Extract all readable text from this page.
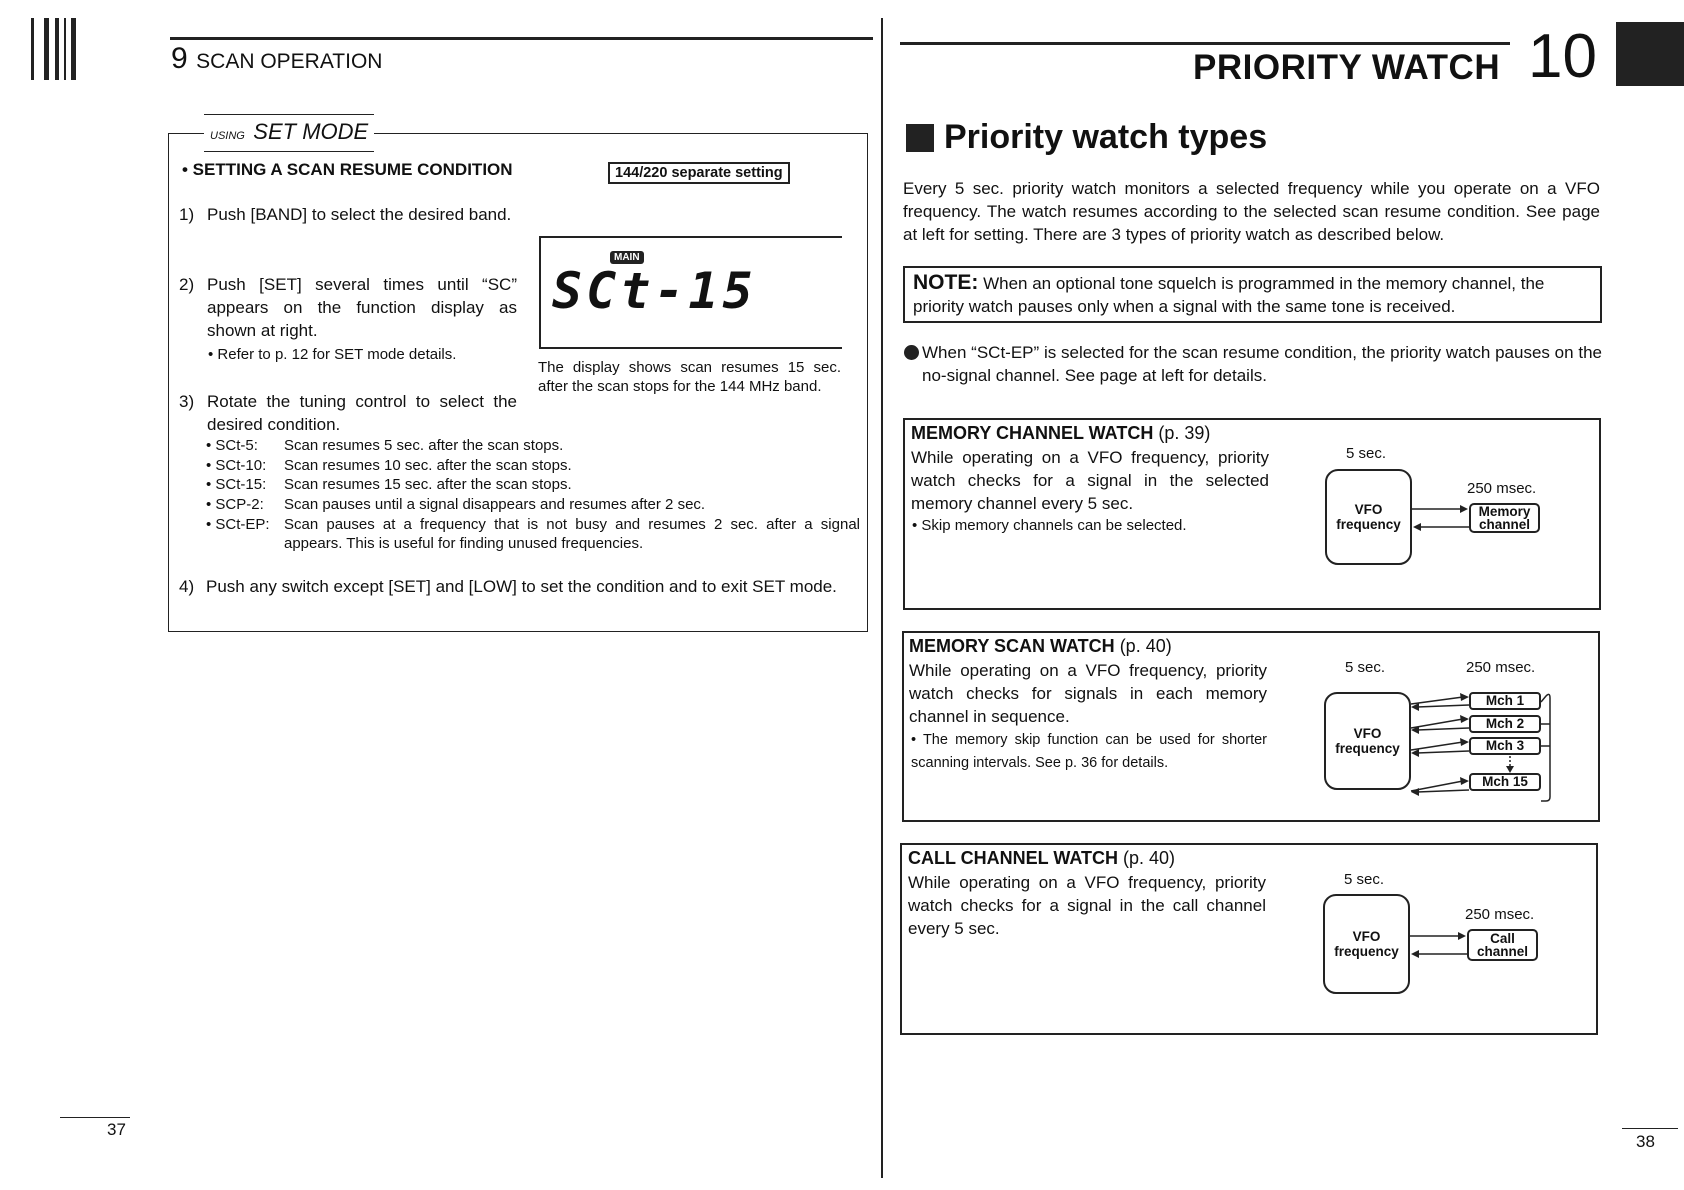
9 SCAN OPERATION
USING SET MODE
• SETTING A SCAN RESUME CONDITION	144/220 separate setting
1) Push [BAND] to select the desired band.
2) Push [SET] several times until “SC” appears on the function display as shown at right.
• Refer to p. 12 for SET mode details.
MAIN
SCt-15
The display shows scan resumes 15 sec. after the scan stops for the 144 MHz band.
3) Rotate the tuning control to select the desired condition.
• SCt-5: Scan resumes 5 sec. after the scan stops.
• SCt-10: Scan resumes 10 sec. after the scan stops.
• SCt-15: Scan resumes 15 sec. after the scan stops.
• SCP-2: Scan pauses until a signal disappears and resumes after 2 sec.
• SCt-EP: Scan pauses at a frequency that is not busy and resumes 2 sec. after a signal appears. This is useful for finding unused frequencies.
4) Push any switch except [SET] and [LOW] to set the condition and to exit SET mode.
37
PRIORITY WATCH 10
Priority watch types
Every 5 sec. priority watch monitors a selected frequency while you operate on a VFO frequency. The watch resumes according to the selected scan resume condition. See page at left for setting. There are 3 types of priority watch as described below.
NOTE: When an optional tone squelch is programmed in the memory channel, the priority watch pauses only when a signal with the same tone is received.
When “SCt-EP” is selected for the scan resume condition, the priority watch pauses on the no-signal channel. See page at left for details.
MEMORY CHANNEL WATCH (p. 39)
While operating on a VFO frequency, priority watch checks for a signal in the selected memory channel every 5 sec.
• Skip memory channels can be selected.
5 sec.
250 msec.
VFO
frequency
Memory
channel
MEMORY SCAN WATCH (p. 40)
While operating on a VFO frequency, priority watch checks for signals in each memory channel in sequence.
• The memory skip function can be used for shorter scanning intervals. See p. 36 for details.
5 sec.	250 msec.
VFO
frequency
Mch 1
Mch 2
Mch 3
Mch 15
CALL CHANNEL WATCH (p. 40)
While operating on a VFO frequency, priority watch checks for a signal in the call channel every 5 sec.
5 sec.
250 msec.
VFO
frequency
Call
channel
38
